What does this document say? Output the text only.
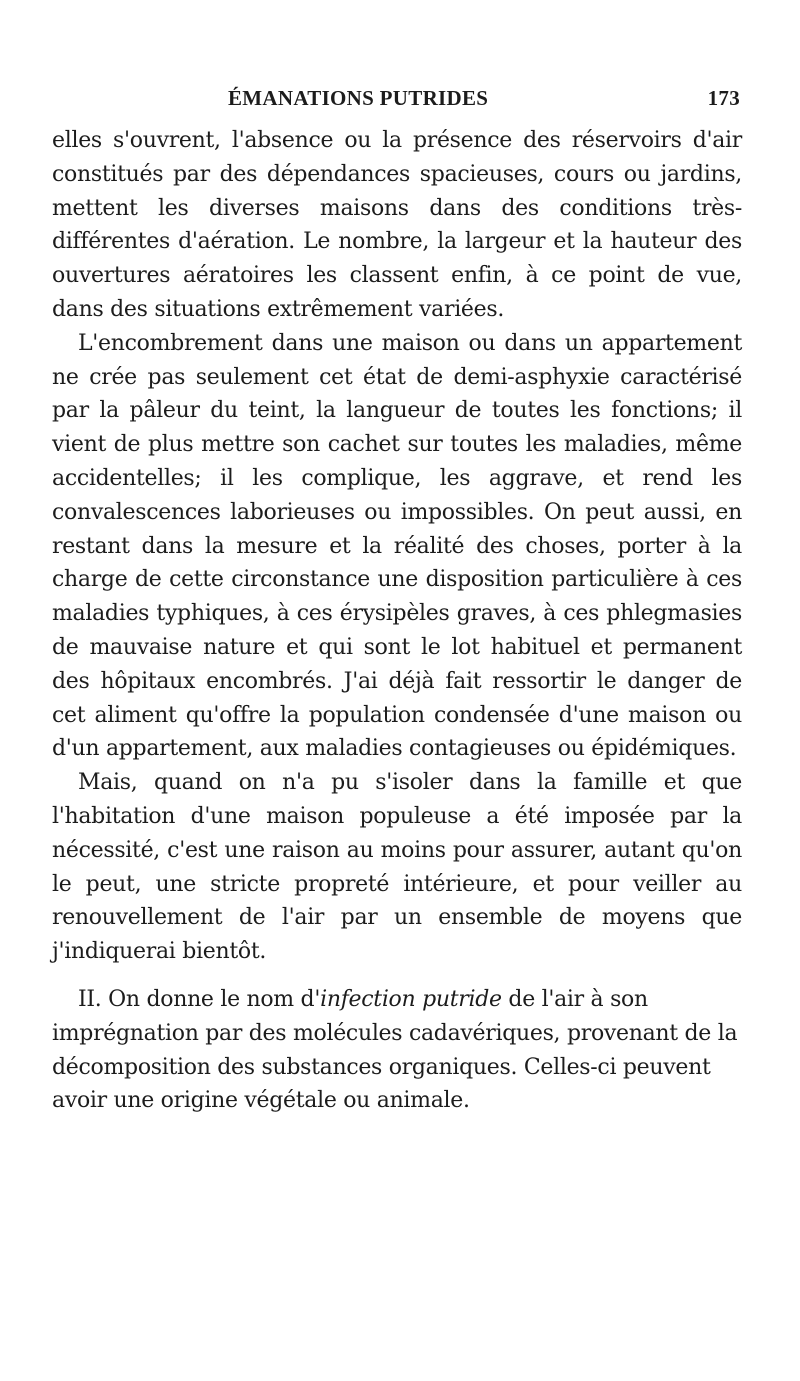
ÉMANATIONS PUTRIDES	173

elles s'ouvrent, l'absence ou la présence des réservoirs d'air constitués par des dépendances spacieuses, cours ou jardins, mettent les diverses maisons dans des conditions très-différentes d'aération. Le nombre, la largeur et la hauteur des ouvertures aératoires les classent enfin, à ce point de vue, dans des situations extrêmement variées.

L'encombrement dans une maison ou dans un appartement ne crée pas seulement cet état de demi-asphyxie caractérisé par la pâleur du teint, la langueur de toutes les fonctions; il vient de plus mettre son cachet sur toutes les maladies, même accidentelles; il les complique, les aggrave, et rend les convalescences laborieuses ou impossibles. On peut aussi, en restant dans la mesure et la réalité des choses, porter à la charge de cette circonstance une disposition particulière à ces maladies typhiques, à ces érysipèles graves, à ces phlegmasies de mauvaise nature et qui sont le lot habituel et permanent des hôpitaux encombrés. J'ai déjà fait ressortir le danger de cet aliment qu'offre la population condensée d'une maison ou d'un appartement, aux maladies contagieuses ou épidémiques.

Mais, quand on n'a pu s'isoler dans la famille et que l'habitation d'une maison populeuse a été imposée par la nécessité, c'est une raison au moins pour assurer, autant qu'on le peut, une stricte propreté intérieure, et pour veiller au renouvellement de l'air par un ensemble de moyens que j'indiquerai bientôt.

II. On donne le nom d'infection putride de l'air à son imprégnation par des molécules cadavériques, provenant de la décomposition des substances organiques. Celles-ci peuvent avoir une origine végétale ou animale.
